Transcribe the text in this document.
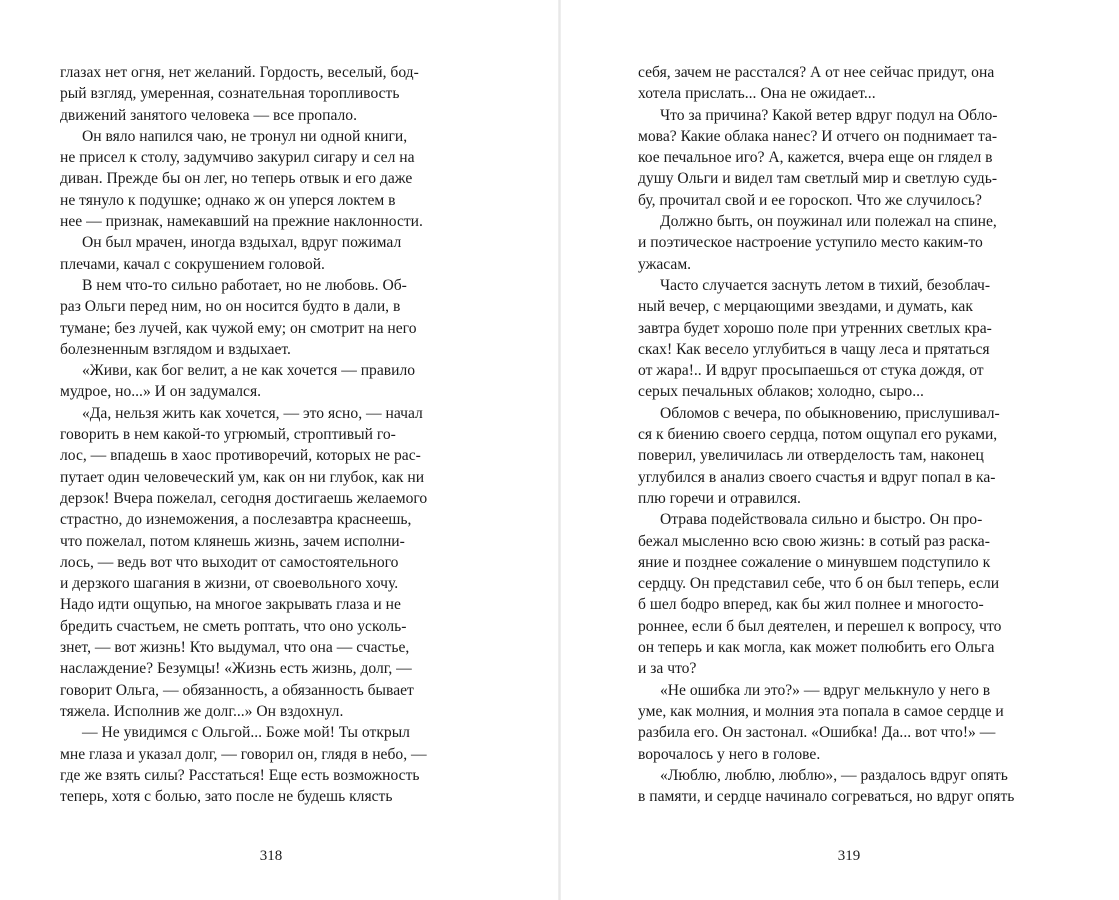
глазах нет огня, нет желаний. Гордость, веселый, бод-
рый взгляд, умеренная, сознательная торопливость
движений занятого человека — все пропало.
Он вяло напился чаю, не тронул ни одной книги,
не присел к столу, задумчиво закурил сигару и сел на
диван. Прежде бы он лег, но теперь отвык и его даже
не тянуло к подушке; однако ж он уперся локтем в
нее — признак, намекавший на прежние наклонности.
Он был мрачен, иногда вздыхал, вдруг пожимал
плечами, качал с сокрушением головой.
В нем что-то сильно работает, но не любовь. Об-
раз Ольги перед ним, но он носится будто в дали, в
тумане; без лучей, как чужой ему; он смотрит на него
болезненным взглядом и вздыхает.
«Живи, как бог велит, а не как хочется — правило
мудрое, но...» И он задумался.
«Да, нельзя жить как хочется, — это ясно, — начал
говорить в нем какой-то угрюмый, строптивый го-
лос, — впадешь в хаос противоречий, которых не рас-
путает один человеческий ум, как он ни глубок, как ни
дерзок! Вчера пожелал, сегодня достигаешь желаемого
страстно, до изнеможения, а послезавтра краснеешь,
что пожелал, потом клянешь жизнь, зачем исполни-
лось, — ведь вот что выходит от самостоятельного
и дерзкого шагания в жизни, от своевольного хочу.
Надо идти ощупью, на многое закрывать глаза и не
бредить счастьем, не сметь роптать, что оно усколь-
знет, — вот жизнь! Кто выдумал, что она — счастье,
наслаждение? Безумцы! «Жизнь есть жизнь, долг, —
говорит Ольга, — обязанность, а обязанность бывает
тяжела. Исполнив же долг...» Он вздохнул.
— Не увидимся с Ольгой... Боже мой! Ты открыл
мне глаза и указал долг, — говорил он, глядя в небо, —
где же взять силы? Расстаться! Еще есть возможность
теперь, хотя с болью, зато после не будешь клясть
318
себя, зачем не расстался? А от нее сейчас придут, она
хотела прислать... Она не ожидает...
Что за причина? Какой ветер вдруг подул на Обло-
мова? Какие облака нанес? И отчего он поднимает та-
кое печальное иго? А, кажется, вчера еще он глядел в
душу Ольги и видел там светлый мир и светлую судь-
бу, прочитал свой и ее гороскоп. Что же случилось?
Должно быть, он поужинал или полежал на спине,
и поэтическое настроение уступило место каким-то
ужасам.
Часто случается заснуть летом в тихий, безоблач-
ный вечер, с мерцающими звездами, и думать, как
завтра будет хорошо поле при утренних светлых кра-
сках! Как весело углубиться в чащу леса и прятаться
от жара!.. И вдруг просыпаешься от стука дождя, от
серых печальных облаков; холодно, сыро...
Обломов с вечера, по обыкновению, прислушивал-
ся к биению своего сердца, потом ощупал его руками,
поверил, увеличилась ли отверделость там, наконец
углубился в анализ своего счастья и вдруг попал в ка-
плю горечи и отравился.
Отрава подействовала сильно и быстро. Он про-
бежал мысленно всю свою жизнь: в сотый раз раска-
яние и позднее сожаление о минувшем подступило к
сердцу. Он представил себе, что б он был теперь, если
б шел бодро вперед, как бы жил полнее и многосто-
роннее, если б был деятелен, и перешел к вопросу, что
он теперь и как могла, как может полюбить его Ольга
и за что?
«Не ошибка ли это?» — вдруг мелькнуло у него в
уме, как молния, и молния эта попала в самое сердце и
разбила его. Он застонал. «Ошибка! Да... вот что!» —
ворочалось у него в голове.
«Люблю, люблю, люблю», — раздалось вдруг опять
в памяти, и сердце начинало согреваться, но вдруг опять
319
